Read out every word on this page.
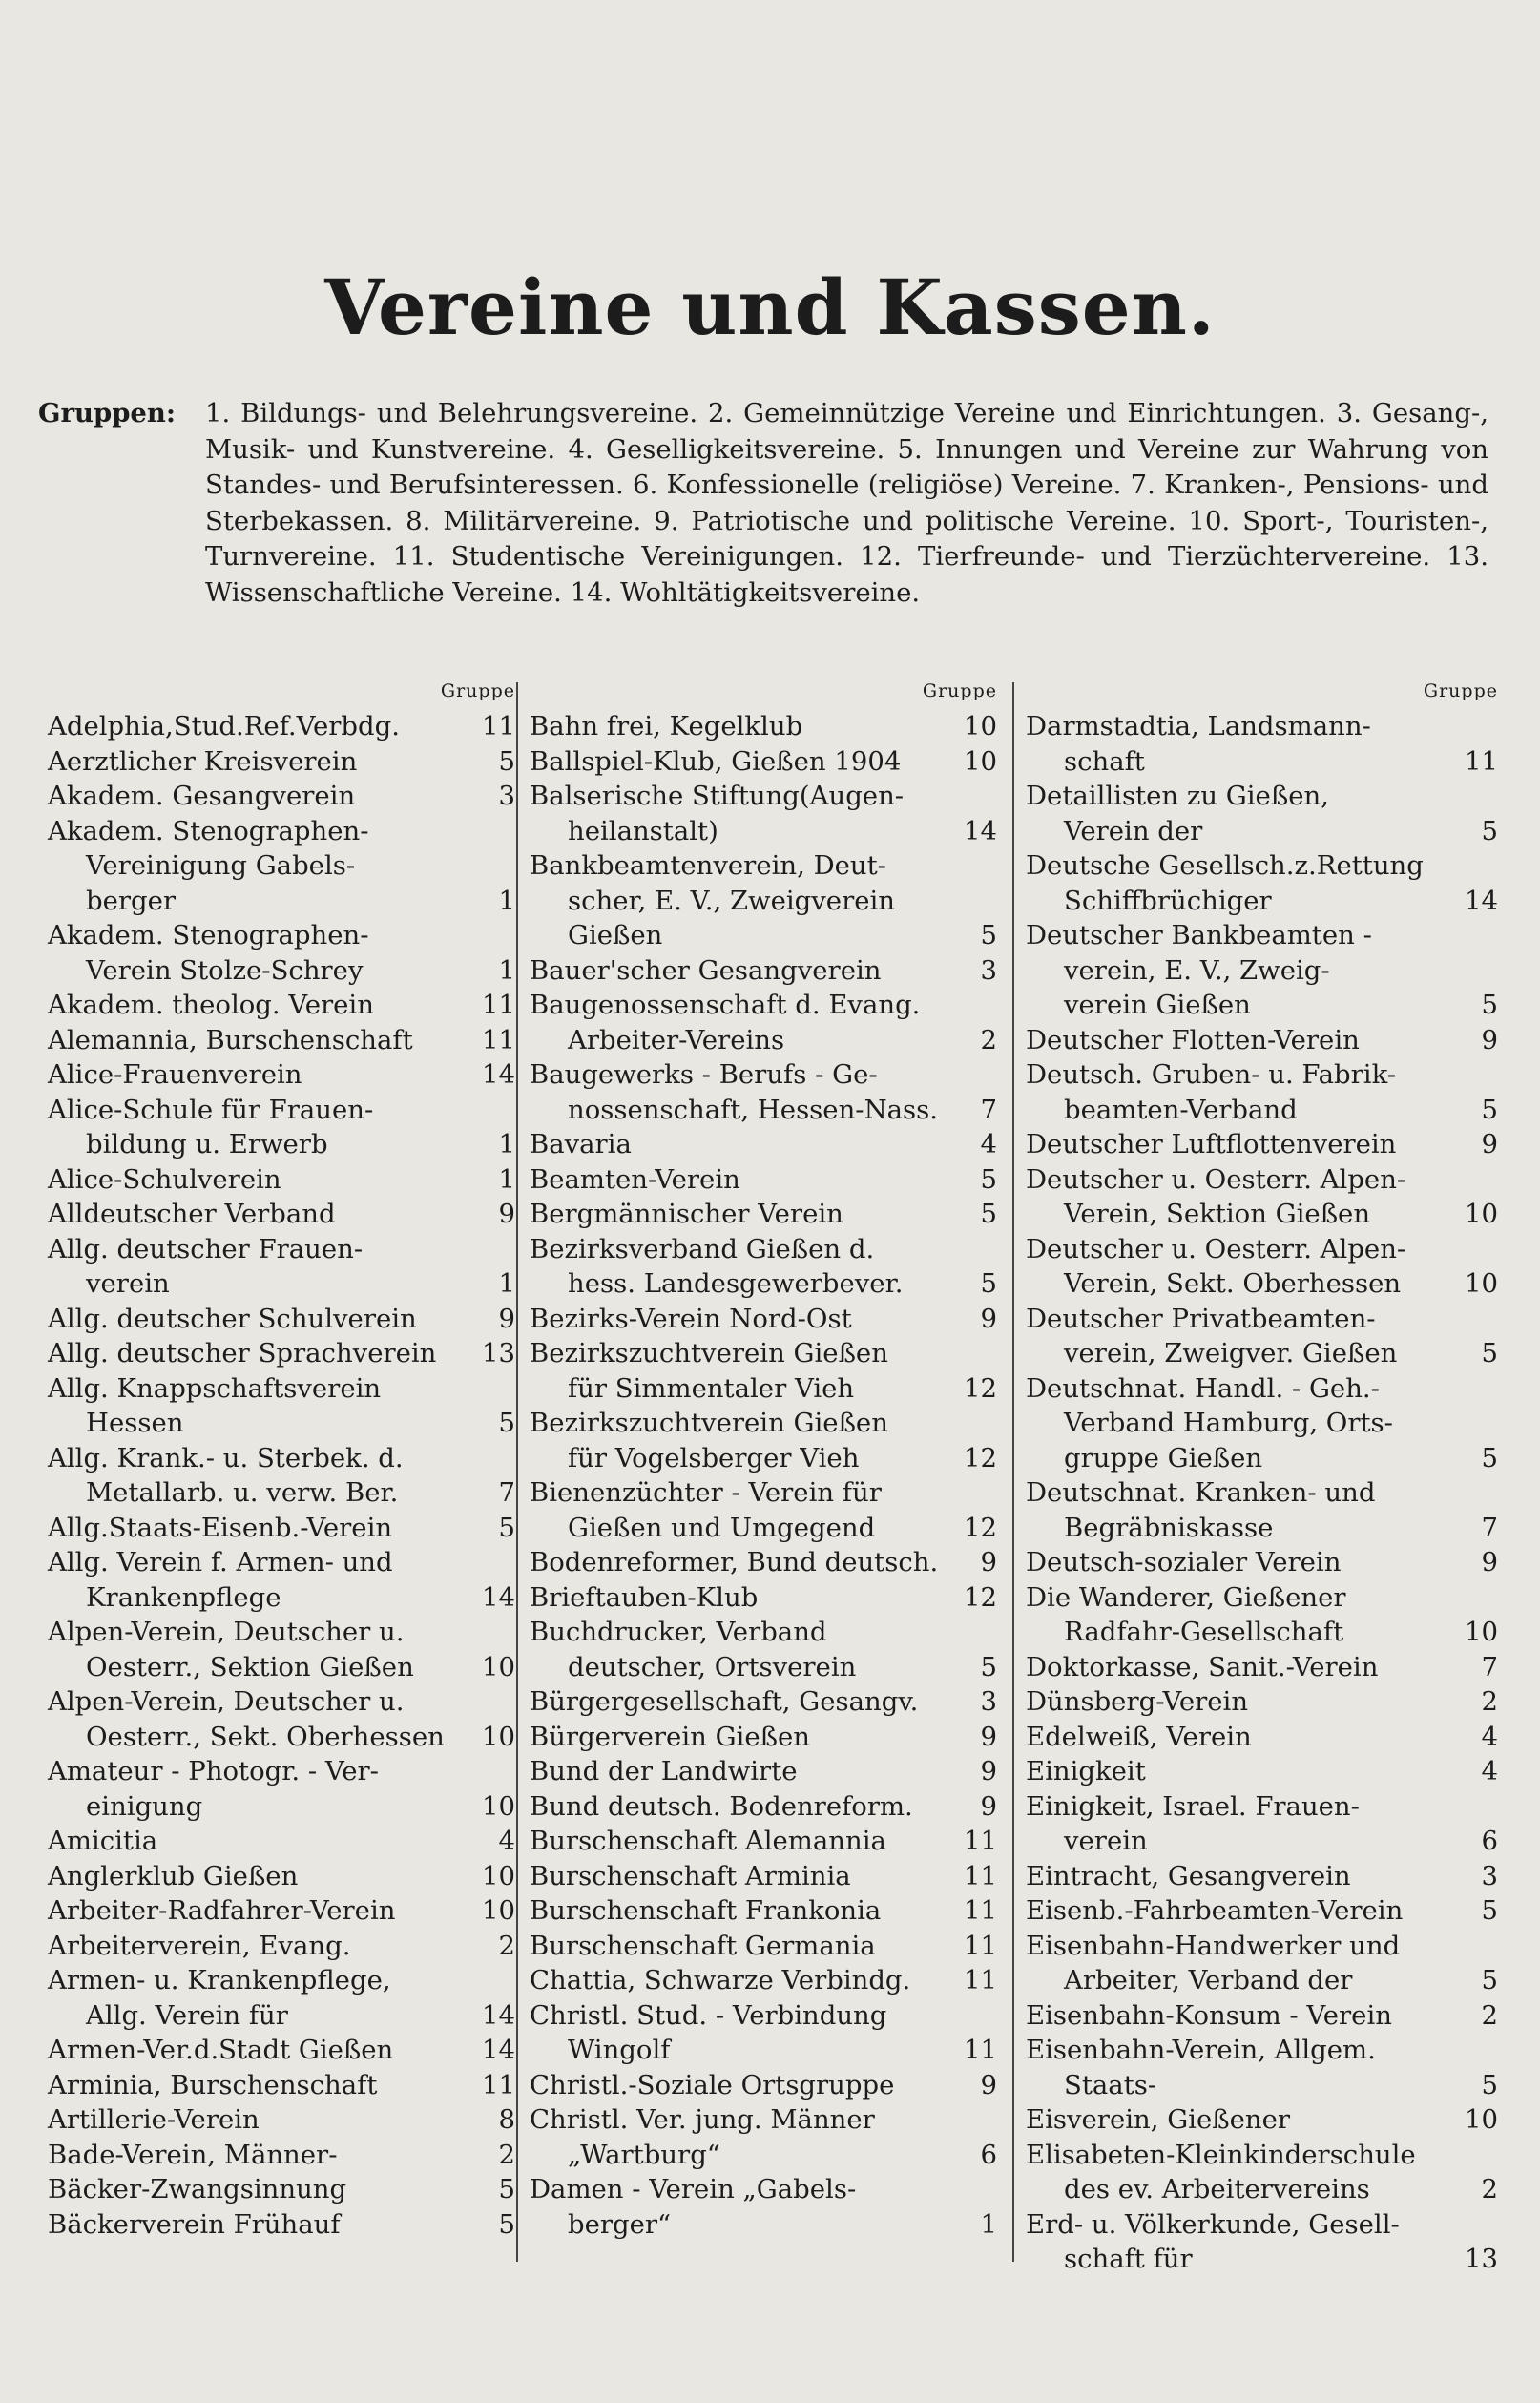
Vereine und Kassen.
Gruppen:	1. Bildungs- und Belehrungsvereine. 2. Gemeinnützige Vereine und Einrichtungen. 3. Gesang-, Musik- und Kunstvereine. 4. Geselligkeitsvereine. 5. Innungen und Vereine zur Wahrung von Standes- und Berufsinteressen. 6. Konfessionelle (religiöse) Vereine. 7. Kranken-, Pensions- und Sterbekassen. 8. Militärvereine. 9. Patriotische und politische Vereine. 10. Sport-, Touristen-, Turnvereine. 11. Studentische Vereinigungen. 12. Tierfreunde- und Tierzüchtervereine. 13. Wissenschaftliche Vereine. 14. Wohltätigkeitsvereine.
Gruppe
Adelphia,Stud.Ref.Verbdg.	11
Aerztlicher Kreisverein	5
Akadem. Gesangverein	3
Akadem. Stenographen-
Vereinigung Gabels-
berger	1
Akadem. Stenographen-
Verein Stolze-Schrey	1
Akadem. theolog. Verein	11
Alemannia, Burschenschaft	11
Alice-Frauenverein	14
Alice-Schule für Frauen-
bildung u. Erwerb	1
Alice-Schulverein	1
Alldeutscher Verband	9
Allg. deutscher Frauen-
verein	1
Allg. deutscher Schulverein	9
Allg. deutscher Sprachverein	13
Allg. Knappschaftsverein
Hessen	5
Allg. Krank.- u. Sterbek. d.
Metallarb. u. verw. Ber.	7
Allg.Staats-Eisenb.-Verein	5
Allg. Verein f. Armen- und
Krankenpflege	14
Alpen-Verein, Deutscher u.
Oesterr., Sektion Gießen	10
Alpen-Verein, Deutscher u.
Oesterr., Sekt. Oberhessen	10
Amateur - Photogr. - Ver-
einigung	10
Amicitia	4
Anglerklub Gießen	10
Arbeiter-Radfahrer-Verein	10
Arbeiterverein, Evang.	2
Armen- u. Krankenpflege,
Allg. Verein für	14
Armen-Ver.d.Stadt Gießen	14
Arminia, Burschenschaft	11
Artillerie-Verein	8
Bade-Verein, Männer-	2
Bäcker-Zwangsinnung	5
Bäckerverein Frühauf	5
Gruppe
Bahn frei, Kegelklub	10
Ballspiel-Klub, Gießen 1904	10
Balserische Stiftung(Augen-
heilanstalt)	14
Bankbeamtenverein, Deut-
scher, E. V., Zweigverein
Gießen	5
Bauer'scher Gesangverein	3
Baugenossenschaft d. Evang.
Arbeiter-Vereins	2
Baugewerks - Berufs - Ge-
nossenschaft, Hessen-Nass.	7
Bavaria	4
Beamten-Verein	5
Bergmännischer Verein	5
Bezirksverband Gießen d.
hess. Landesgewerbever.	5
Bezirks-Verein Nord-Ost	9
Bezirkszuchtverein Gießen
für Simmentaler Vieh	12
Bezirkszuchtverein Gießen
für Vogelsberger Vieh	12
Bienenzüchter - Verein für
Gießen und Umgegend	12
Bodenreformer, Bund deutsch.	9
Brieftauben-Klub	12
Buchdrucker, Verband
deutscher, Ortsverein	5
Bürgergesellschaft, Gesangv.	3
Bürgerverein Gießen	9
Bund der Landwirte	9
Bund deutsch. Bodenreform.	9
Burschenschaft Alemannia	11
Burschenschaft Arminia	11
Burschenschaft Frankonia	11
Burschenschaft Germania	11
Chattia, Schwarze Verbindg.	11
Christl. Stud. - Verbindung
Wingolf	11
Christl.-Soziale Ortsgruppe	9
Christl. Ver. jung. Männer
„Wartburg“	6
Damen - Verein „Gabels-
berger“	1
Gruppe
Darmstadtia, Landsmann-
schaft	11
Detaillisten zu Gießen,
Verein der	5
Deutsche Gesellsch.z.Rettung
Schiffbrüchiger	14
Deutscher Bankbeamten -
verein, E. V., Zweig-
verein Gießen	5
Deutscher Flotten-Verein	9
Deutsch. Gruben- u. Fabrik-
beamten-Verband	5
Deutscher Luftflottenverein	9
Deutscher u. Oesterr. Alpen-
Verein, Sektion Gießen	10
Deutscher u. Oesterr. Alpen-
Verein, Sekt. Oberhessen	10
Deutscher Privatbeamten-
verein, Zweigver. Gießen	5
Deutschnat. Handl. - Geh.-
Verband Hamburg, Orts-
gruppe Gießen	5
Deutschnat. Kranken- und
Begräbniskasse	7
Deutsch-sozialer Verein	9
Die Wanderer, Gießener
Radfahr-Gesellschaft	10
Doktorkasse, Sanit.-Verein	7
Dünsberg-Verein	2
Edelweiß, Verein	4
Einigkeit	4
Einigkeit, Israel. Frauen-
verein	6
Eintracht, Gesangverein	3
Eisenb.-Fahrbeamten-Verein	5
Eisenbahn-Handwerker und
Arbeiter, Verband der	5
Eisenbahn-Konsum - Verein	2
Eisenbahn-Verein, Allgem.
Staats-	5
Eisverein, Gießener	10
Elisabeten-Kleinkinderschule
des ev. Arbeitervereins	2
Erd- u. Völkerkunde, Gesell-
schaft für	13
